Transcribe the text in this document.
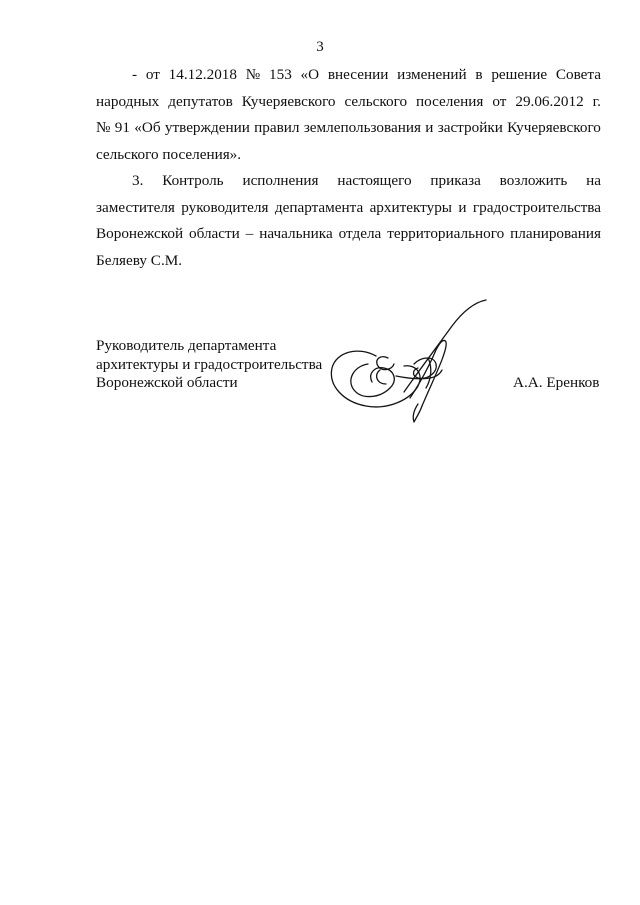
3
- от 14.12.2018 № 153 «О внесении изменений в решение Совета
народных депутатов Кучеряевского сельского поселения от 29.06.2012 г.
№ 91 «Об утверждении правил землепользования и застройки Кучеряевского
сельского поселения».
3. Контроль исполнения настоящего приказа возложить на
заместителя руководителя департамента архитектуры и градостроительства
Воронежской области – начальника отдела территориального планирования
Беляеву С.М.
Руководитель департамента
архитектуры и градостроительства
Воронежской области	А.А. Еренков
